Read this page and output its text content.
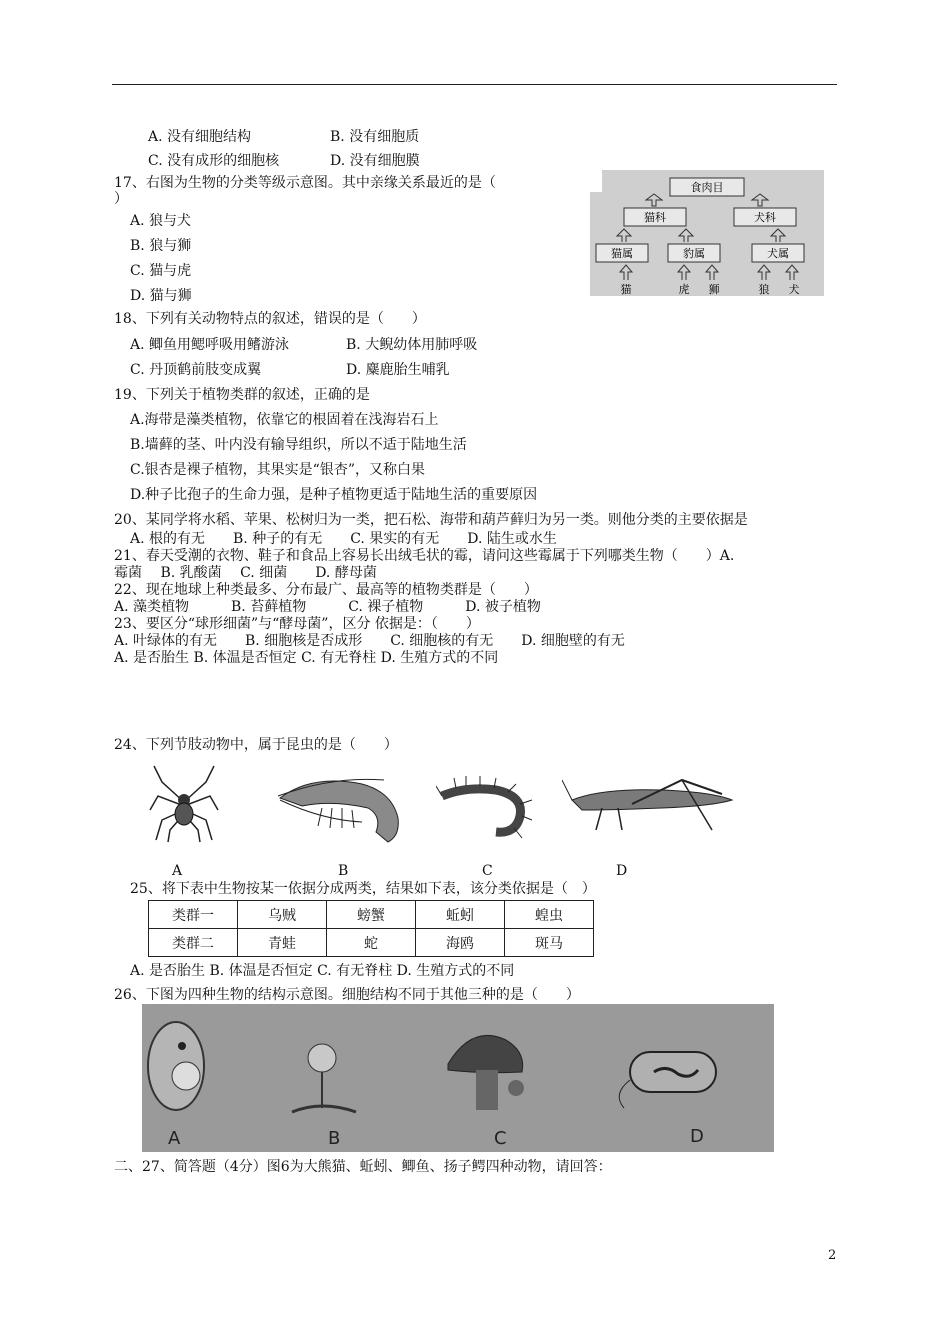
A. 没有细胞结构	B. 没有细胞质
C. 没有成形的细胞核	D. 没有细胞膜
17、右图为生物的分类等级示意图。其中亲缘关系最近的是（
）
A. 狼与犬
B. 狼与狮
C. 猫与虎
D. 猫与狮
食肉目
猫科	犬科
猫属	豹属	犬属
猫	虎 狮	狼 犬
18、下列有关动物特点的叙述，错误的是（　　）
A. 鲫鱼用鳃呼吸用鳍游泳	B. 大鲵幼体用肺呼吸
C. 丹顶鹤前肢变成翼	D. 麋鹿胎生哺乳
19、下列关于植物类群的叙述，正确的是
A.海带是藻类植物，依靠它的根固着在浅海岩石上
B.墙藓的茎、叶内没有输导组织，所以不适于陆地生活
C.银杏是裸子植物，其果实是“银杏”，又称白果
D.种子比孢子的生命力强，是种子植物更适于陆地生活的重要原因
20、某同学将水稻、苹果、松树归为一类，把石松、海带和葫芦藓归为另一类。则他分类的主要依据是
A. 根的有无　　B. 种子的有无　　C. 果实的有无　　D. 陆生或水生
21、春天受潮的衣物、鞋子和食品上容易长出绒毛状的霉，请问这些霉属于下列哪类生物（　　）A.
霉菌　 B. 乳酸菌　 C. 细菌　　D. 酵母菌
22、现在地球上种类最多、分布最广、最高等的植物类群是（　　）
A. 藻类植物　　　B. 苔藓植物　　　C. 裸子植物　　　D. 被子植物
23、要区分“球形细菌”与“酵母菌”，区分 依据是：（　　）
A. 叶绿体的有无　　B. 细胞核是否成形　　C. 细胞核的有无　　D. 细胞壁的有无
A. 是否胎生 B. 体温是否恒定 C. 有无脊柱 D. 生殖方式的不同
24、下列节肢动物中，属于昆虫的是（　　）
A	B	C	D
25、将下表中生物按某一依据分成两类，结果如下表，该分类依据是（　）
类群一	乌贼	螃蟹	蚯蚓	蝗虫
类群二	青蛙	蛇	海鸥	斑马
A. 是否胎生 B. 体温是否恒定 C. 有无脊柱 D. 生殖方式的不同
26、下图为四种生物的结构示意图。细胞结构不同于其他三种的是（　　）
A	B	C	D
二、27、简答题（4分）图6为大熊猫、蚯蚓、鲫鱼、扬子鳄四种动物，请回答：
2
